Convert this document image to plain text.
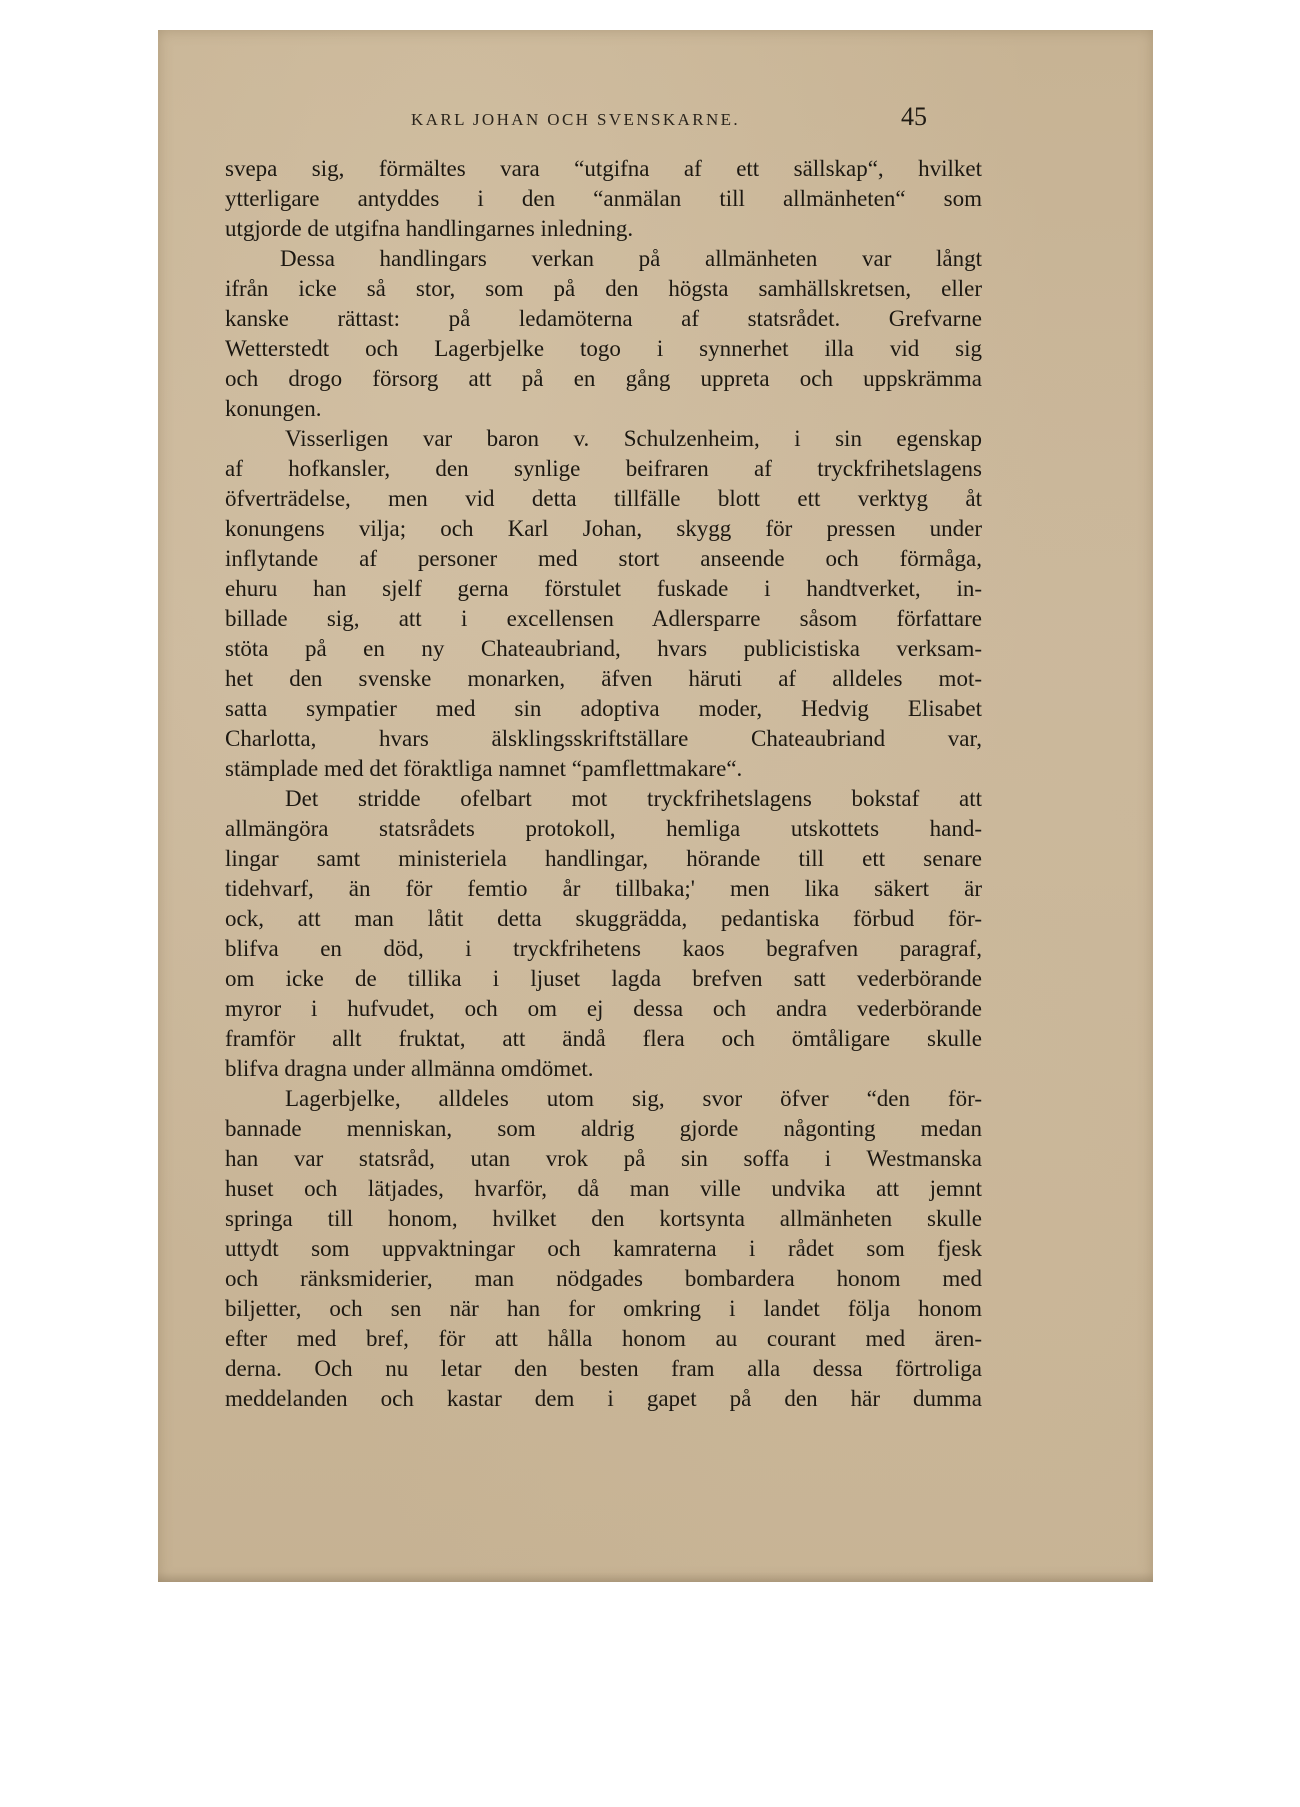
KARL JOHAN OCH SVENSKARNE.	45
svepa sig, förmältes vara “utgifna af ett sällskap“, hvilket
ytterligare antyddes i den “anmälan till allmänheten“ som
utgjorde de utgifna handlingarnes inledning.
Dessa handlingars verkan på allmänheten var långt
ifrån icke så stor, som på den högsta samhällskretsen, eller
kanske rättast: på ledamöterna af statsrådet. Grefvarne
Wetterstedt och Lagerbjelke togo i synnerhet illa vid sig
och drogo försorg att på en gång uppreta och uppskrämma
konungen.
Visserligen var baron v. Schulzenheim, i sin egenskap
af hofkansler, den synlige beifraren af tryckfrihetslagens
öfverträdelse, men vid detta tillfälle blott ett verktyg åt
konungens vilja; och Karl Johan, skygg för pressen under
inflytande af personer med stort anseende och förmåga,
ehuru han sjelf gerna förstulet fuskade i handtverket, in-
billade sig, att i excellensen Adlersparre såsom författare
stöta på en ny Chateaubriand, hvars publicistiska verksam-
het den svenske monarken, äfven häruti af alldeles mot-
satta sympatier med sin adoptiva moder, Hedvig Elisabet
Charlotta, hvars älsklingsskriftställare Chateaubriand var,
stämplade med det föraktliga namnet “pamflettmakare“.
Det stridde ofelbart mot tryckfrihetslagens bokstaf att
allmängöra statsrådets protokoll, hemliga utskottets hand-
lingar samt ministeriela handlingar, hörande till ett senare
tidehvarf, än för femtio år tillbaka;' men lika säkert är
ock, att man låtit detta skuggrädda, pedantiska förbud för-
blifva en död, i tryckfrihetens kaos begrafven paragraf,
om icke de tillika i ljuset lagda brefven satt vederbörande
myror i hufvudet, och om ej dessa och andra vederbörande
framför allt fruktat, att ändå flera och ömtåligare skulle
blifva dragna under allmänna omdömet.
Lagerbjelke, alldeles utom sig, svor öfver “den för-
bannade menniskan, som aldrig gjorde någonting medan
han var statsråd, utan vrok på sin soffa i Westmanska
huset och lätjades, hvarför, då man ville undvika att jemnt
springa till honom, hvilket den kortsynta allmänheten skulle
uttydt som uppvaktningar och kamraterna i rådet som fjesk
och ränksmiderier, man nödgades bombardera honom med
biljetter, och sen när han for omkring i landet följa honom
efter med bref, för att hålla honom au courant med ären-
derna. Och nu letar den besten fram alla dessa förtroliga
meddelanden och kastar dem i gapet på den här dumma
